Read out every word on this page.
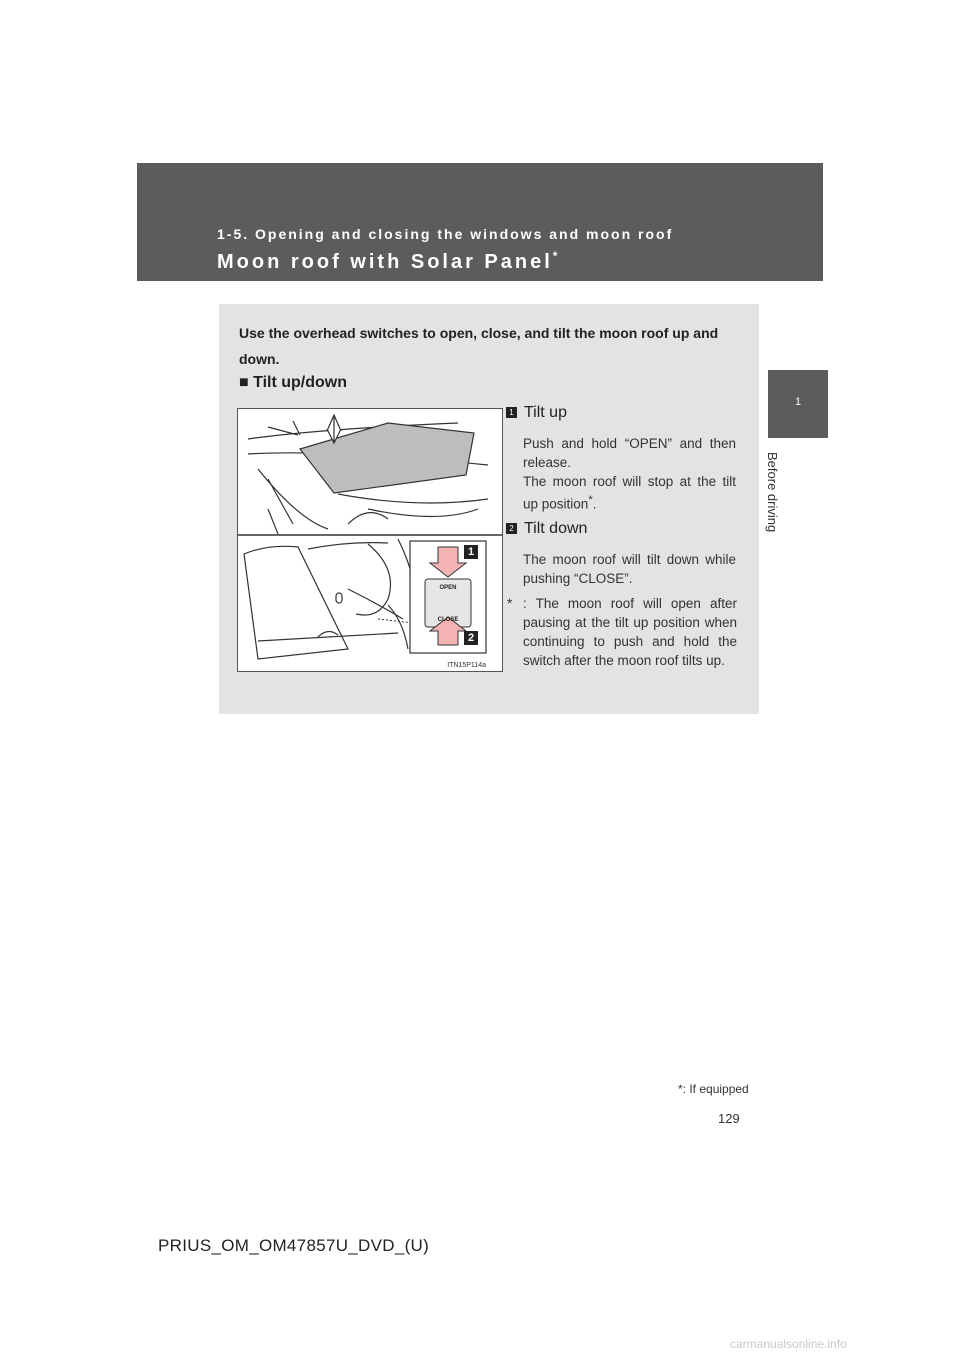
1-5. Opening and closing the windows and moon roof
Moon roof with Solar Panel*
1
Before driving
Use the overhead switches to open, close, and tilt the moon roof up and down.
■ Tilt up/down
OPEN
CLOSE
ITN15P114a
1
2
1 Tilt up
Push and hold “OPEN” and then release.
The moon roof will stop at the tilt up position*.
2 Tilt down
The moon roof will tilt down while pushing “CLOSE”.
* : The moon roof will open after pausing at the tilt up position when continuing to push and hold the switch after the moon roof tilts up.
*: If equipped
129
PRIUS_OM_OM47857U_DVD_(U)
carmanualsonline.info
